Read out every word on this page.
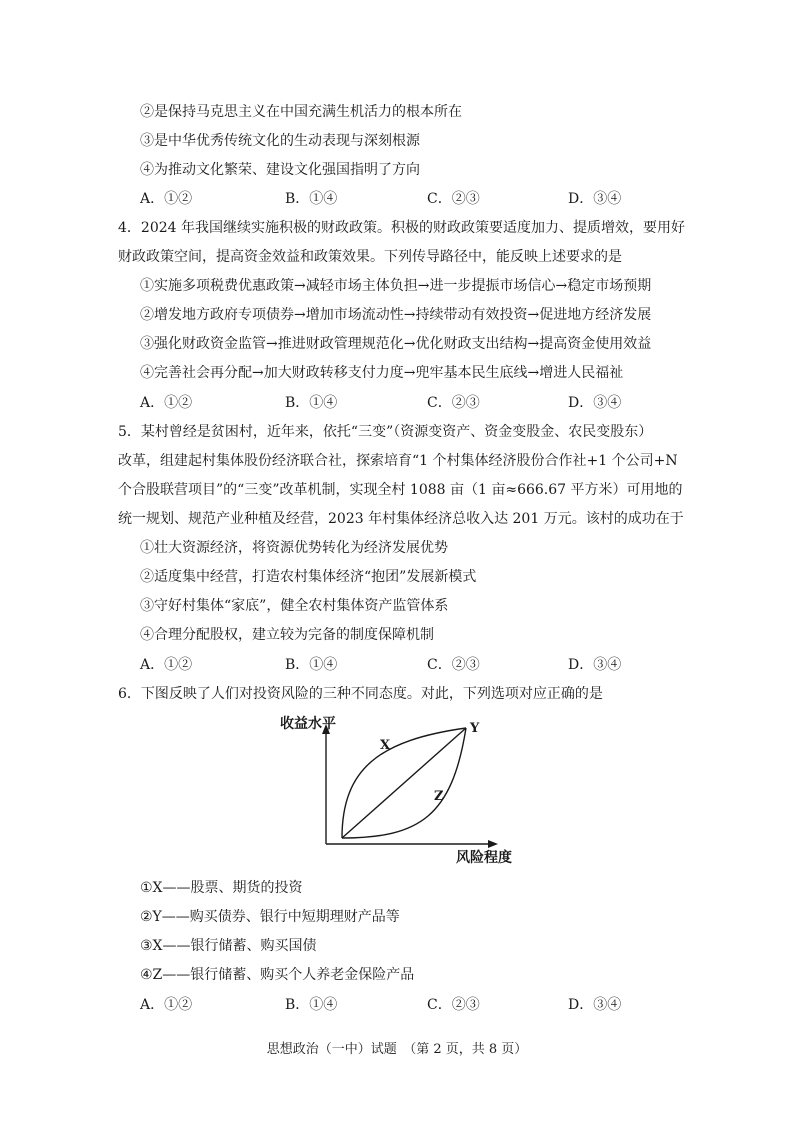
②是保持马克思主义在中国充满生机活力的根本所在
③是中华优秀传统文化的生动表现与深刻根源
④为推动文化繁荣、建设文化强国指明了方向
A．①②	B．①④	C．②③	D．③④
4．2024 年我国继续实施积极的财政政策。积极的财政政策要适度加力、提质增效，要用好
财政政策空间，提高资金效益和政策效果。下列传导路径中，能反映上述要求的是
①实施多项税费优惠政策→减轻市场主体负担→进一步提振市场信心→稳定市场预期
②增发地方政府专项债券→增加市场流动性→持续带动有效投资→促进地方经济发展
③强化财政资金监管→推进财政管理规范化→优化财政支出结构→提高资金使用效益
④完善社会再分配→加大财政转移支付力度→兜牢基本民生底线→增进人民福祉
A．①②	B．①④	C．②③	D．③④
5．某村曾经是贫困村，近年来，依托“三变”（资源变资产、资金变股金、农民变股东）
改革，组建起村集体股份经济联合社，探索培育“1 个村集体经济股份合作社+1 个公司+N
个合股联营项目”的“三变”改革机制，实现全村 1088 亩（1 亩≈666.67 平方米）可用地的
统一规划、规范产业种植及经营，2023 年村集体经济总收入达 201 万元。该村的成功在于
①壮大资源经济，将资源优势转化为经济发展优势
②适度集中经营，打造农村集体经济“抱团”发展新模式
③守好村集体“家底”，健全农村集体资产监管体系
④合理分配股权，建立较为完备的制度保障机制
A．①②	B．①④	C．②③	D．③④
6．下图反映了人们对投资风险的三种不同态度。对此，下列选项对应正确的是
收益水平
风险程度
X
Y
Z
①X——股票、期货的投资
②Y——购买债券、银行中短期理财产品等
③X——银行储蓄、购买国债
④Z——银行储蓄、购买个人养老金保险产品
A．①②	B．①④	C．②③	D．③④
思想政治（一中）试题　（第 2 页，共 8 页）
